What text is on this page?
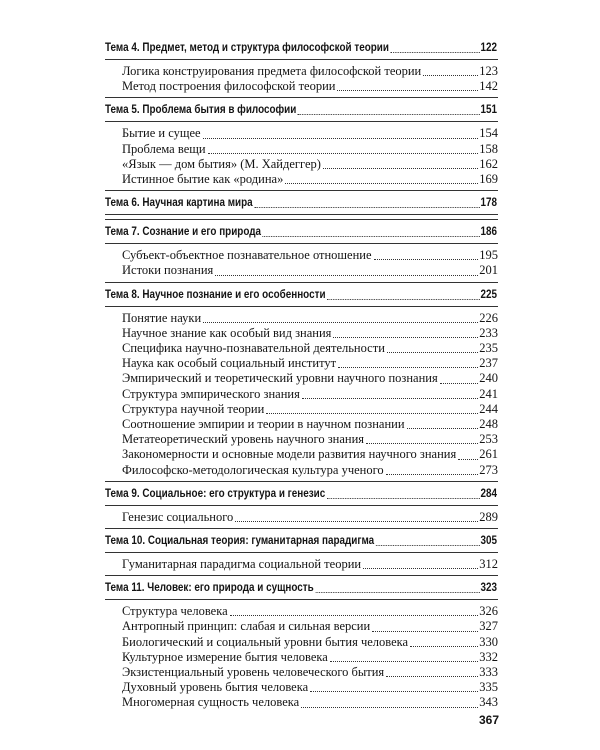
Тема 4. Предмет, метод и структура философской теории	122
Логика конструирования предмета философской теории	123
Метод построения философской теории	142
Тема 5. Проблема бытия в философии	151
Бытие и сущее	154
Проблема вещи	158
«Язык — дом бытия» (М. Хайдеггер)	162
Истинное бытие как «родина»	169
Тема 6. Научная картина мира	178
Тема 7. Сознание и его природа	186
Субъект-объектное познавательное отношение	195
Истоки познания	201
Тема 8. Научное познание и его особенности	225
Понятие науки	226
Научное знание как особый вид знания	233
Специфика научно-познавательной деятельности	235
Наука как особый социальный институт	237
Эмпирический и теоретический уровни научного познания	240
Структура эмпирического знания	241
Структура научной теории	244
Соотношение эмпирии и теории в научном познании	248
Метатеоретический уровень научного знания	253
Закономерности и основные модели развития научного знания 261
Философско-методологическая культура ученого	273
Тема 9. Социальное: его структура и генезис	284
Генезис социального	289
Тема 10. Социальная теория: гуманитарная парадигма	305
Гуманитарная парадигма социальной теории	312
Тема 11. Человек: его природа и сущность	323
Структура человека	326
Антропный принцип: слабая и сильная версии	327
Биологический и социальный уровни бытия человека	330
Культурное измерение бытия человека	332
Экзистенциальный уровень человеческого бытия	333
Духовный уровень бытия человека	335
Многомерная сущность человека	343
367
